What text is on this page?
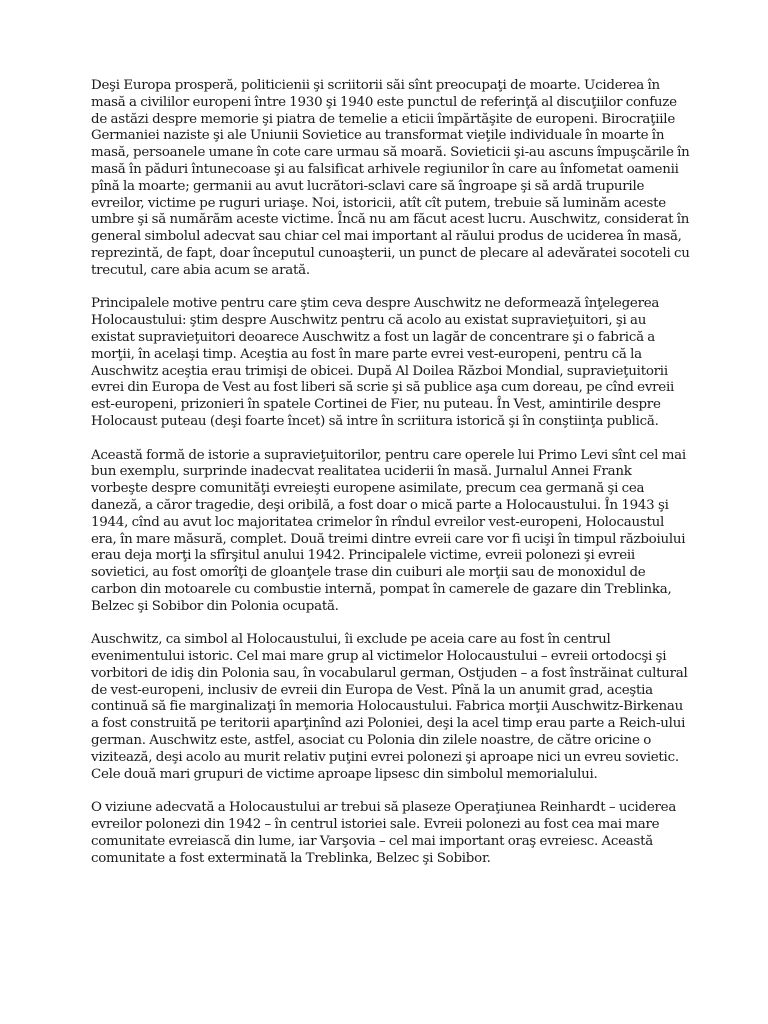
Deşi Europa prosperă, politicienii şi scriitorii săi sînt preocupaţi de moarte. Uciderea în masă a civililor europeni între 1930 şi 1940 este punctul de referinţă al discuţiilor confuze de astăzi despre memorie şi piatra de temelie a eticii împărtăşite de europeni. Birocraţiile Germaniei naziste şi ale Uniunii Sovietice au transformat vieţile individuale în moarte în masă, persoanele umane în cote care urmau să moară. Sovieticii şi-au ascuns împuşcările în masă în păduri întunecoase şi au falsificat arhivele regiunilor în care au înfometat oamenii pînă la moarte; germanii au avut lucrători-sclavi care să îngroape şi să ardă trupurile evreilor, victime pe ruguri uriaşe. Noi, istoricii, atît cît putem, trebuie să luminăm aceste umbre şi să numărăm aceste victime. Încă nu am făcut acest lucru. Auschwitz, considerat în general simbolul adecvat sau chiar cel mai important al răului produs de uciderea în masă, reprezintă, de fapt, doar începutul cunoaşterii, un punct de plecare al adevăratei socoteli cu trecutul, care abia acum se arată.

Principalele motive pentru care ştim ceva despre Auschwitz ne deformează înţelegerea Holocaustului: ştim despre Auschwitz pentru că acolo au existat supravieţuitori, şi au existat supravieţuitori deoarece Auschwitz a fost un lagăr de concentrare şi o fabrică a morţii, în acelaşi timp. Aceştia au fost în mare parte evrei vest-europeni, pentru că la Auschwitz aceştia erau trimişi de obicei. După Al Doilea Război Mondial, supravieţuitorii evrei din Europa de Vest au fost liberi să scrie şi să publice aşa cum doreau, pe cînd evreii est-europeni, prizonieri în spatele Cortinei de Fier, nu puteau. În Vest, amintirile despre Holocaust puteau (deşi foarte încet) să intre în scriitura istorică şi în conştiinţa publică.

Această formă de istorie a supravieţuitorilor, pentru care operele lui Primo Levi sînt cel mai bun exemplu, surprinde inadecvat realitatea uciderii în masă. Jurnalul Annei Frank vorbeşte despre comunităţi evreieşti europene asimilate, precum cea germană şi cea daneză, a căror tragedie, deşi oribilă, a fost doar o mică parte a Holocaustului. În 1943 şi 1944, cînd au avut loc majoritatea crimelor în rîndul evreilor vest-europeni, Holocaustul era, în mare măsură, complet. Două treimi dintre evreii care vor fi ucişi în timpul războiului erau deja morţi la sfîrşitul anului 1942. Principalele victime, evreii polonezi şi evreii sovietici, au fost omorîţi de gloanţele trase din cuiburi ale morţii sau de monoxidul de carbon din motoarele cu combustie internă, pompat în camerele de gazare din Treblinka, Belzec şi Sobibor din Polonia ocupată.

Auschwitz, ca simbol al Holocaustului, îi exclude pe aceia care au fost în centrul evenimentului istoric. Cel mai mare grup al victimelor Holocaustului – evreii ortodocşi şi vorbitori de idiş din Polonia sau, în vocabularul german, Ostjuden – a fost înstrăinat cultural de vest-europeni, inclusiv de evreii din Europa de Vest. Pînă la un anumit grad, aceştia continuă să fie marginalizaţi în memoria Holocaustului. Fabrica morţii Auschwitz-Birkenau a fost construită pe teritorii aparţinînd azi Poloniei, deşi la acel timp erau parte a Reich-ului german. Auschwitz este, astfel, asociat cu Polonia din zilele noastre, de către oricine o vizitează, deşi acolo au murit relativ puţini evrei polonezi şi aproape nici un evreu sovietic. Cele două mari grupuri de victime aproape lipsesc din simbolul memorialului.

O viziune adecvată a Holocaustului ar trebui să plaseze Operaţiunea Reinhardt – uciderea evreilor polonezi din 1942 – în centrul istoriei sale. Evreii polonezi au fost cea mai mare comunitate evreiască din lume, iar Varşovia – cel mai important oraş evreiesc. Această comunitate a fost exterminată la Treblinka, Belzec şi Sobibor.
